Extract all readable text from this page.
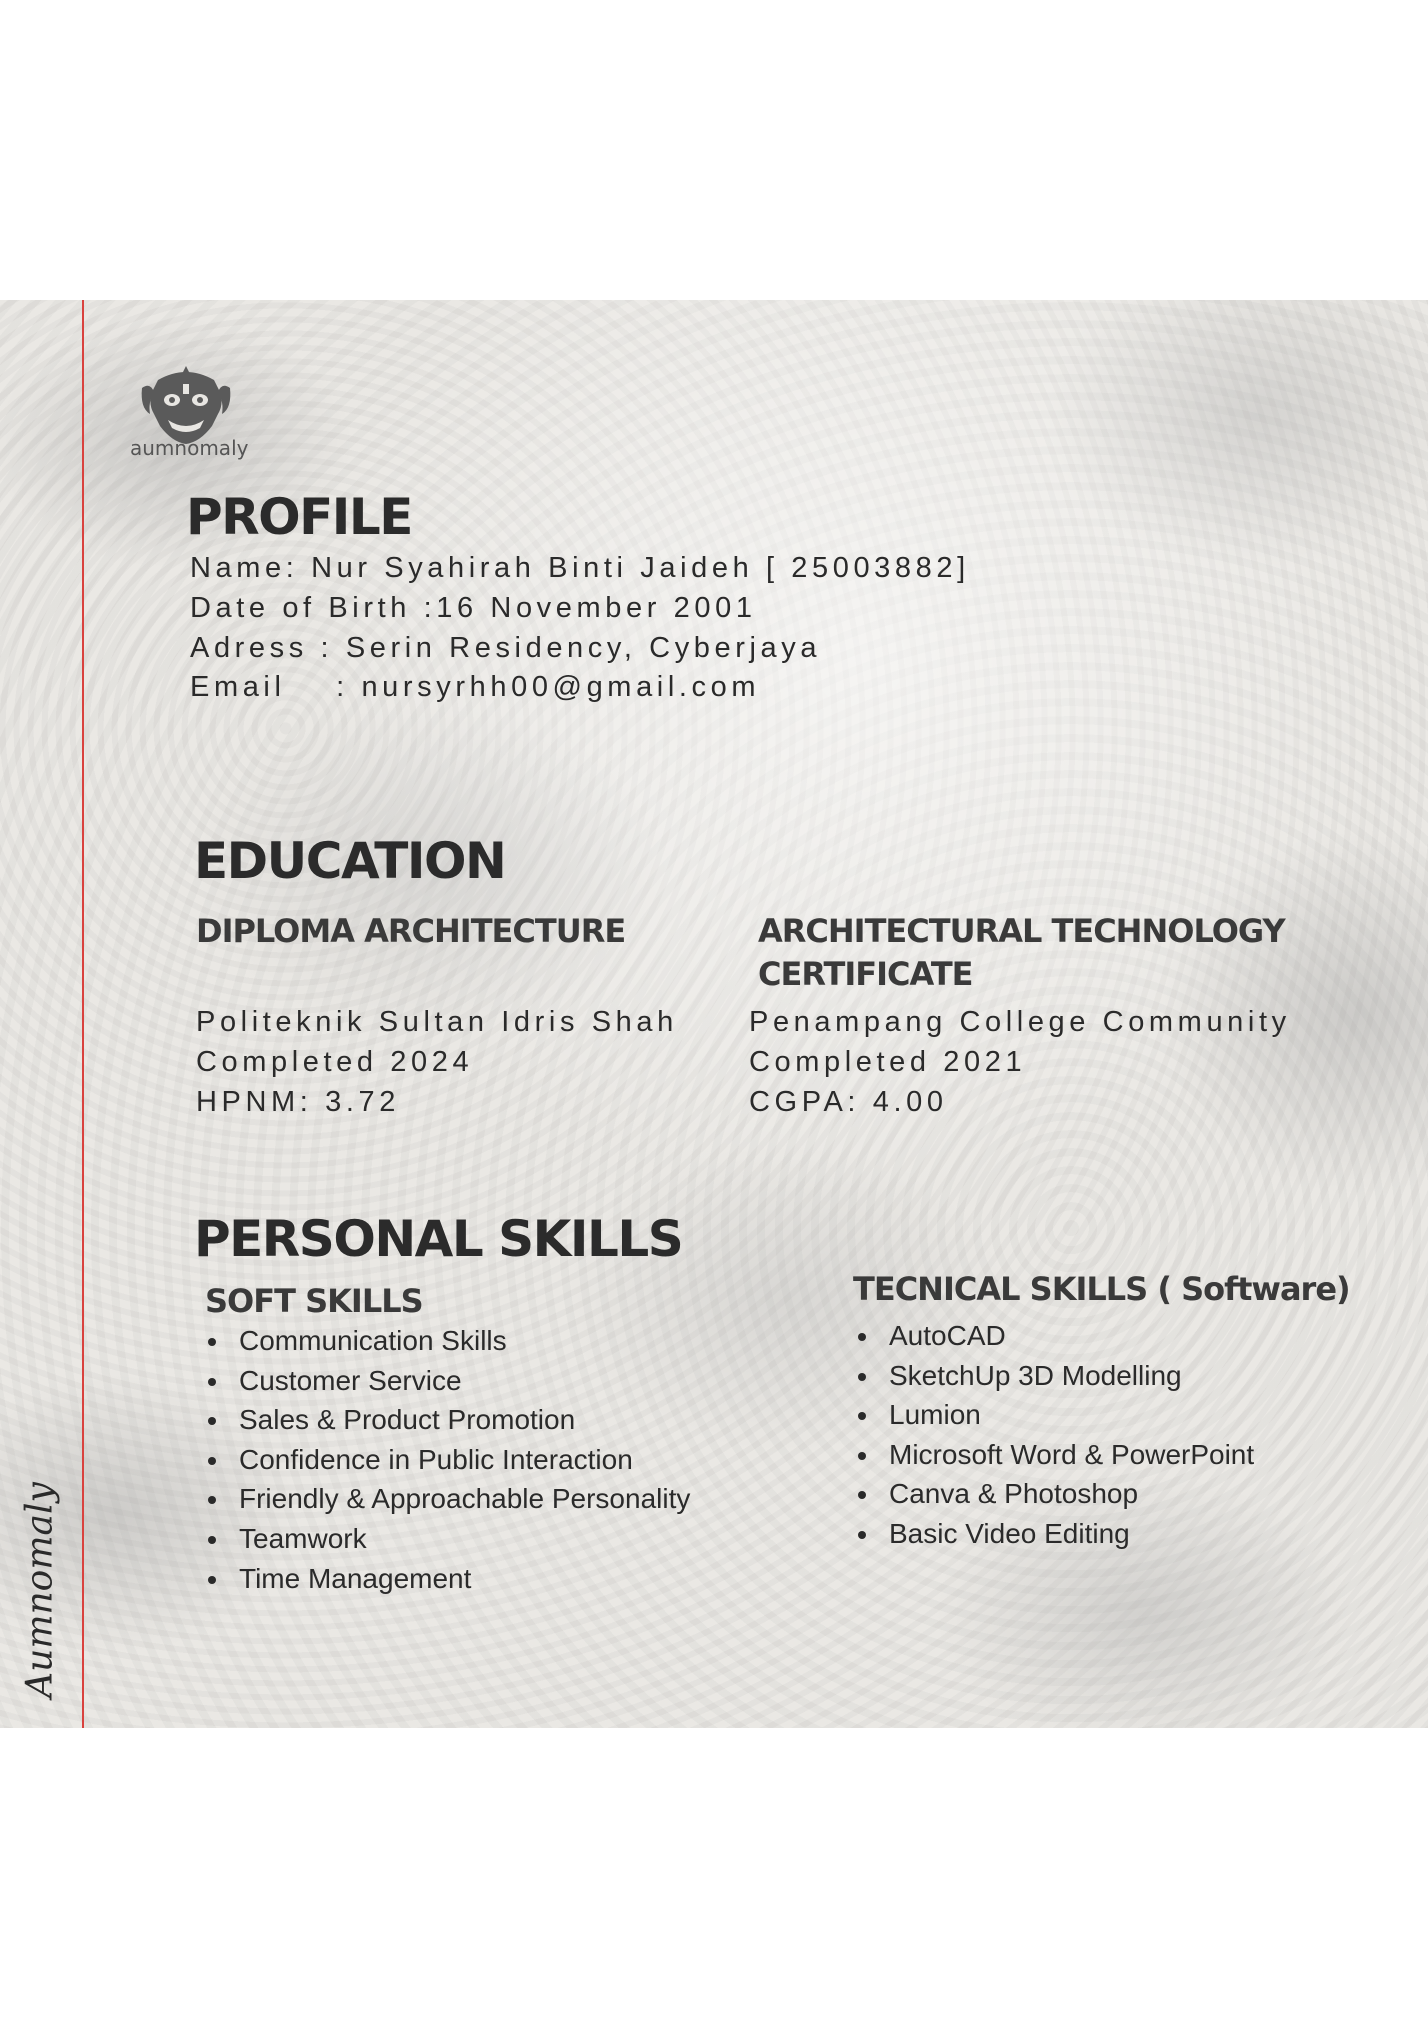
aumnomaly
Aumnomaly
PROFILE
Name: Nur Syahirah Binti Jaideh [ 25003882]
Date of Birth :16 November 2001
Adress : Serin Residency, Cyberjaya
Email    : nursyrhh00@gmail.com
EDUCATION
DIPLOMA ARCHITECTURE
Politeknik Sultan Idris Shah
Completed 2024
HPNM: 3.72
ARCHITECTURAL TECHNOLOGY
CERTIFICATE
Penampang College Community
Completed 2021
CGPA: 4.00
PERSONAL SKILLS
SOFT SKILLS
Communication Skills
Customer Service
Sales & Product Promotion
Confidence in Public Interaction
Friendly & Approachable Personality
Teamwork
Time Management
TECNICAL SKILLS ( Software)
AutoCAD
SketchUp 3D Modelling
Lumion
Microsoft Word & PowerPoint
Canva & Photoshop
Basic Video Editing
